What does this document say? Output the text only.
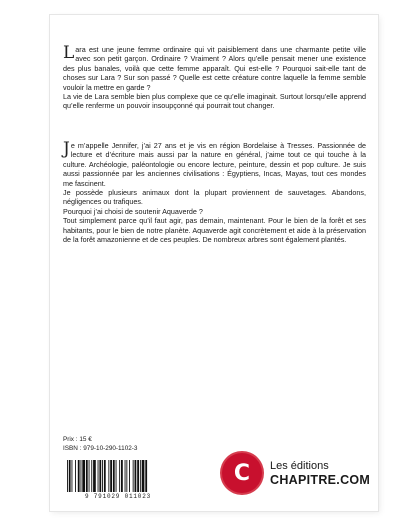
Lara est une jeune femme ordinaire qui vit paisiblement dans une charmante petite ville avec son petit garçon. Ordinaire ? Vraiment ? Alors qu’elle pensait mener une existence des plus banales, voilà que cette femme apparaît. Qui est-elle ? Pourquoi sait-elle tant de choses sur Lara ? Sur son passé ? Quelle est cette créature contre laquelle la femme semble vouloir la mettre en garde ?

La vie de Lara semble bien plus complexe que ce qu’elle imaginait. Surtout lorsqu’elle apprend qu’elle renferme un pouvoir insoupçonné qui pourrait tout changer.

Je m’appelle Jennifer, j’ai 27 ans et je vis en région Bordelaise à Tresses. Passionnée de lecture et d’écriture mais aussi par la nature en général, j’aime tout ce qui touche à la culture. Archéologie, paléontologie ou encore lecture, peinture, dessin et pop culture. Je suis aussi passionnée par les anciennes civilisations : Égyptiens, Incas, Mayas, tout ces mondes me fascinent.

Je possède plusieurs animaux dont la plupart proviennent de sauvetages. Abandons, négligences ou trafiques.

Pourquoi j’ai choisi de soutenir Aquaverde ?

Tout simplement parce qu’il faut agir, pas demain, maintenant. Pour le bien de la forêt et ses habitants, pour le bien de notre planète. Aquaverde agit concrètement et aide à la préservation de la forêt amazonienne et de ces peuples. De nombreux arbres sont également plantés.

Prix : 15 €
ISBN : 979-10-290-1102-3
9 791029 011023
C	Les éditions
CHAPITRE.COM
